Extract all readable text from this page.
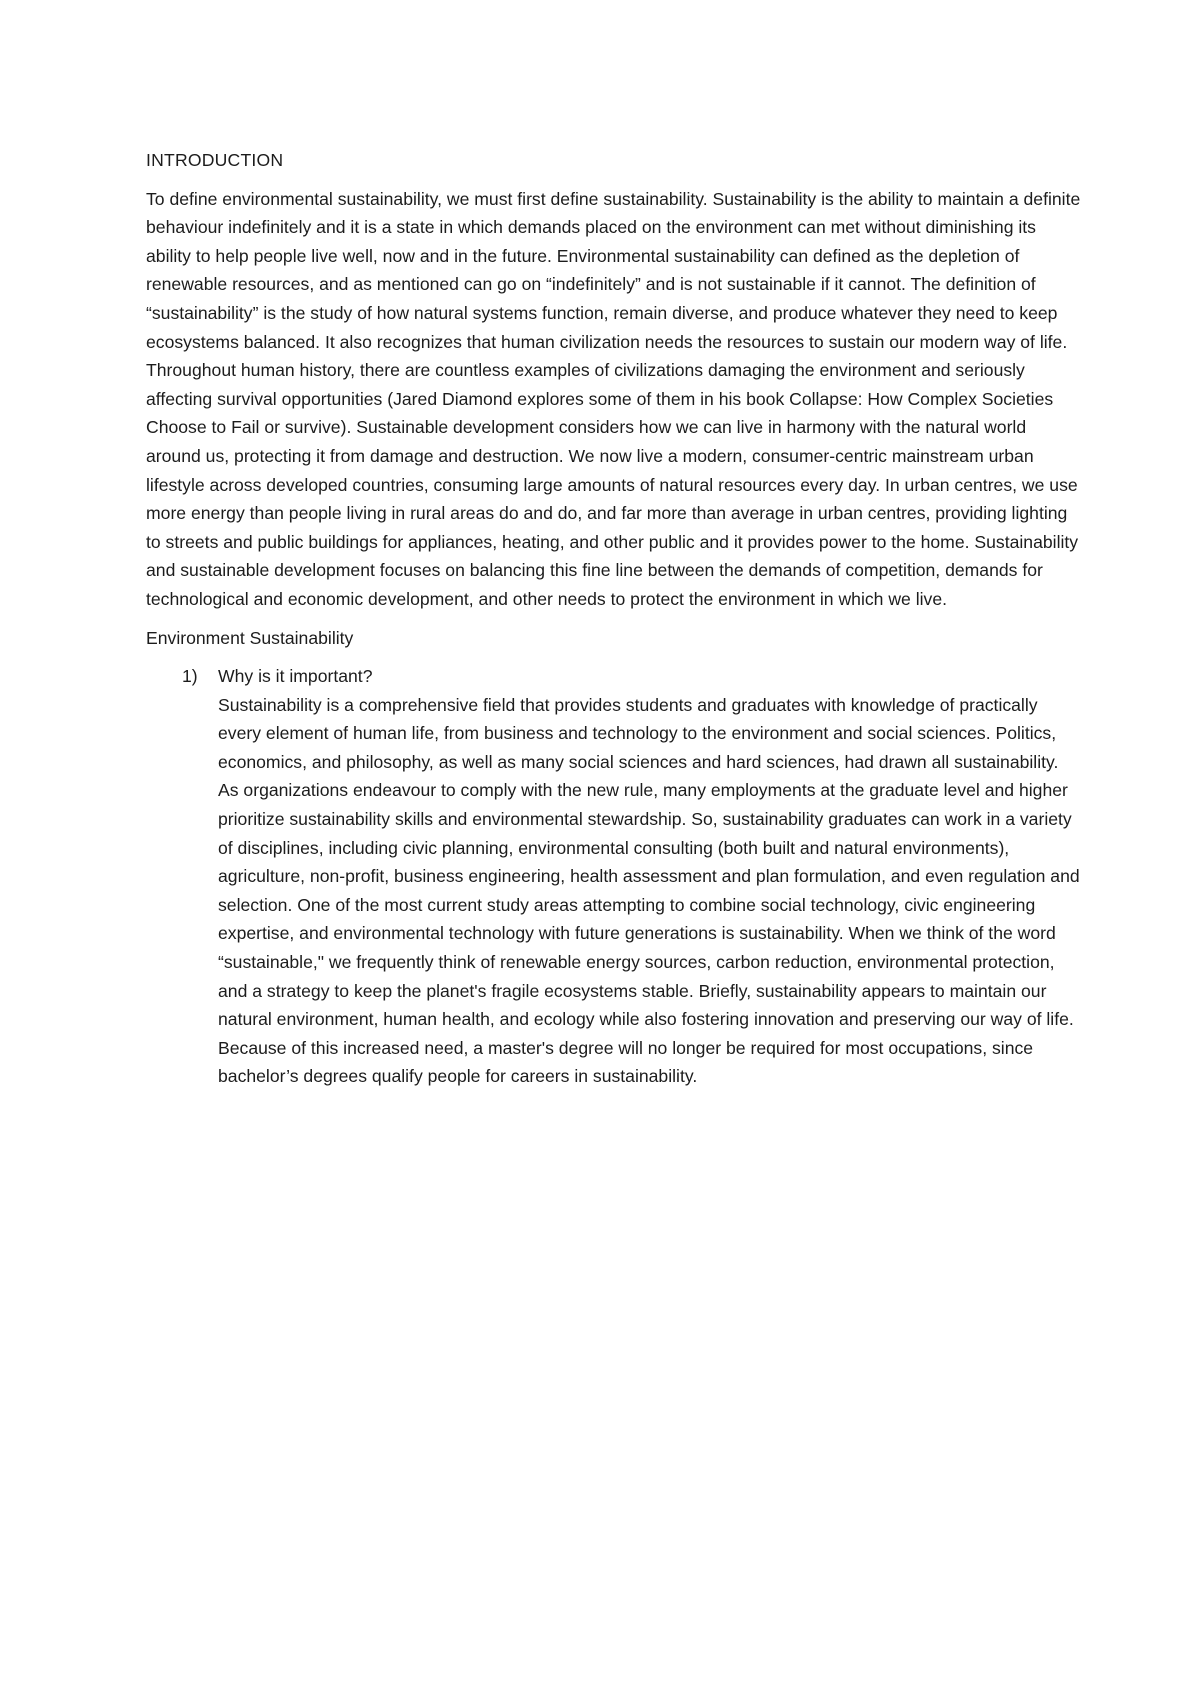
INTRODUCTION

To define environmental sustainability, we must first define sustainability. Sustainability is the ability to maintain a definite behaviour indefinitely and it is a state in which demands placed on the environment can met without diminishing its ability to help people live well, now and in the future. Environmental sustainability can defined as the depletion of renewable resources, and as mentioned can go on “indefinitely” and is not sustainable if it cannot. The definition of “sustainability” is the study of how natural systems function, remain diverse, and produce whatever they need to keep ecosystems balanced. It also recognizes that human civilization needs the resources to sustain our modern way of life. Throughout human history, there are countless examples of civilizations damaging the environment and seriously affecting survival opportunities (Jared Diamond explores some of them in his book Collapse: How Complex Societies Choose to Fail or survive). Sustainable development considers how we can live in harmony with the natural world around us, protecting it from damage and destruction. We now live a modern, consumer-centric mainstream urban lifestyle across developed countries, consuming large amounts of natural resources every day. In urban centres, we use more energy than people living in rural areas do and do, and far more than average in urban centres, providing lighting to streets and public buildings for appliances, heating, and other public and it provides power to the home. Sustainability and sustainable development focuses on balancing this fine line between the demands of competition, demands for technological and economic development, and other needs to protect the environment in which we live.

Environment Sustainability

1) Why is it important?
Sustainability is a comprehensive field that provides students and graduates with knowledge of practically every element of human life, from business and technology to the environment and social sciences. Politics, economics, and philosophy, as well as many social sciences and hard sciences, had drawn all sustainability. As organizations endeavour to comply with the new rule, many employments at the graduate level and higher prioritize sustainability skills and environmental stewardship. So, sustainability graduates can work in a variety of disciplines, including civic planning, environmental consulting (both built and natural environments), agriculture, non-profit, business engineering, health assessment and plan formulation, and even regulation and selection. One of the most current study areas attempting to combine social technology, civic engineering expertise, and environmental technology with future generations is sustainability. When we think of the word “sustainable," we frequently think of renewable energy sources, carbon reduction, environmental protection, and a strategy to keep the planet's fragile ecosystems stable. Briefly, sustainability appears to maintain our natural environment, human health, and ecology while also fostering innovation and preserving our way of life. Because of this increased need, a master's degree will no longer be required for most occupations, since bachelor’s degrees qualify people for careers in sustainability.
